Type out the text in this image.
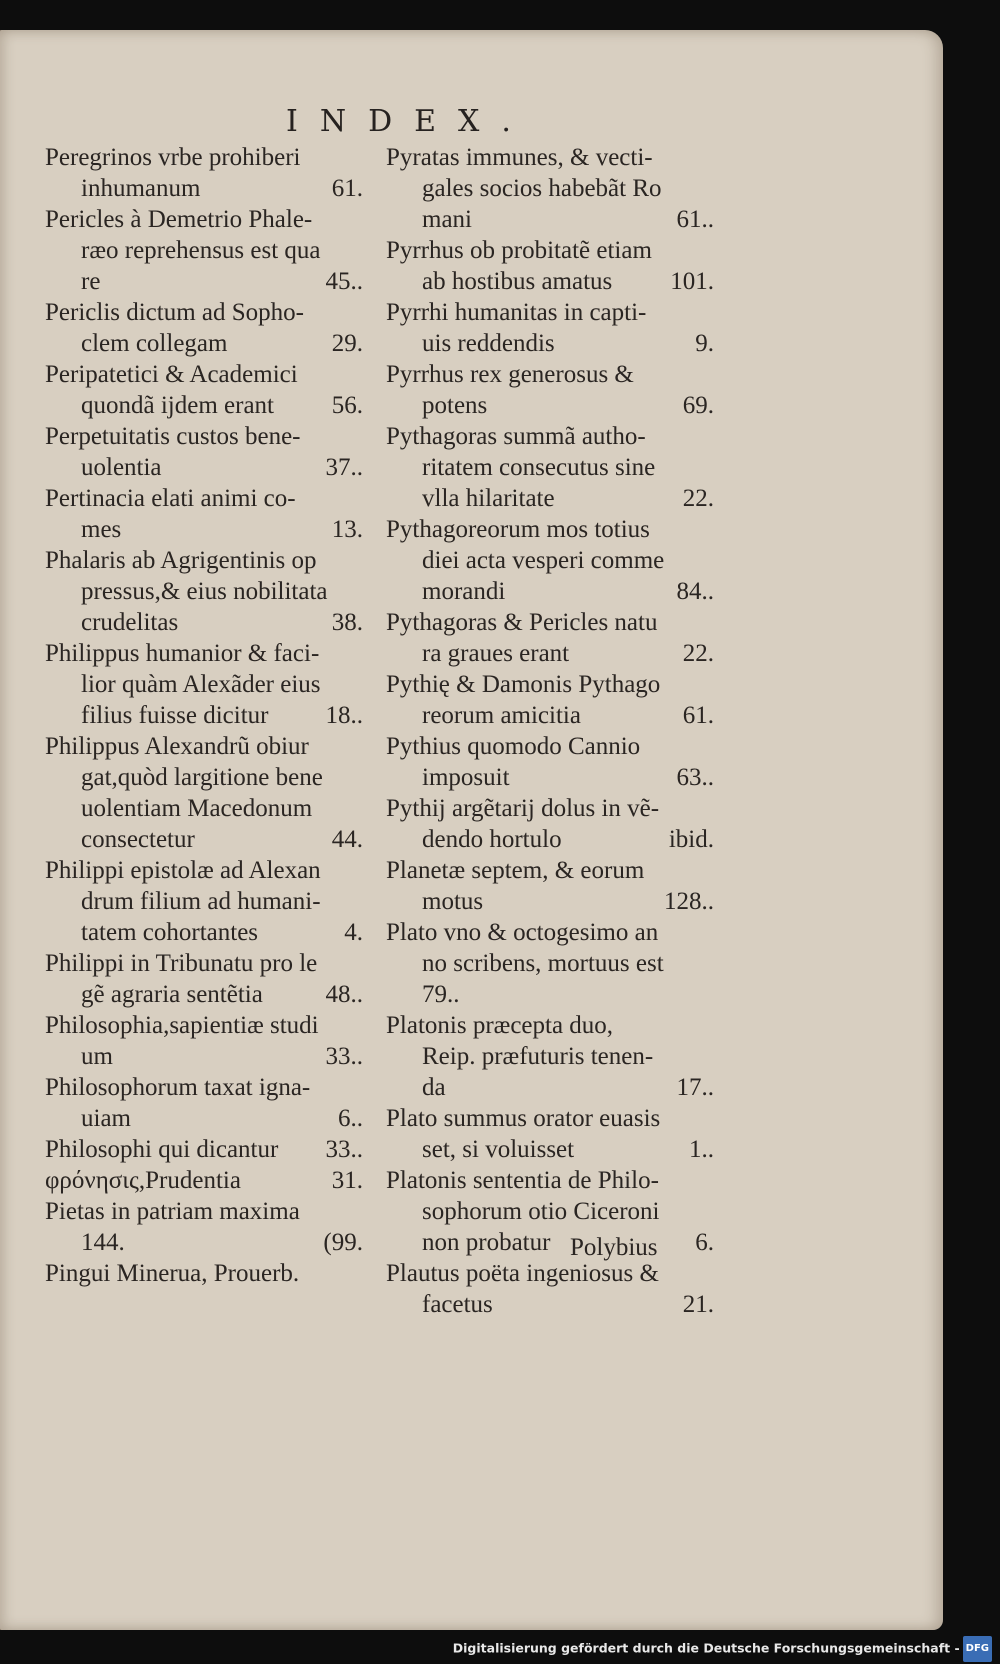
INDEX.
Peregrinos vrbe prohiberi
inhumanum	61.
Pericles à Demetrio Phale-
ræo reprehensus est qua
re	45..
Periclis dictum ad Sopho-
clem collegam	29.
Peripatetici & Academici
quondã ijdem erant 56.
Perpetuitatis custos bene-
uolentia	37..
Pertinacia elati animi co-
mes	13.
Phalaris ab Agrigentinis op
pressus,& eius nobilitata
crudelitas	38.
Philippus humanior & faci-
lior quàm Alexãder eius
filius fuisse dicitur 18..
Philippus Alexandrũ obiur
gat,quòd largitione bene
uolentiam Macedonum
consectetur	44.
Philippi epistolæ ad Alexan
drum filium ad humani-
tatem cohortantes	4.
Philippi in Tribunatu pro le
gẽ agraria sentẽtia	48..
Philosophia,sapientiæ studi
um	33..
Philosophorum taxat igna-
uiam	6..
Philosophi qui dicantur 33..
φρόνησις,Prudentia	31.
Pietas in patriam maxima
144.	(99.
Pingui Minerua, Prouerb.
Pyratas immunes, & vecti-
gales socios habebãt Ro
mani	61..
Pyrrhus ob probitatẽ etiam
ab hostibus amatus 101.
Pyrrhi humanitas in capti-
uis reddendis	9.
Pyrrhus rex generosus &
potens	69.
Pythagoras summã autho-
ritatem consecutus sine
vlla hilaritate	22.
Pythagoreorum mos totius
diei acta vesperi comme
morandi	84..
Pythagoras & Pericles natu
ra graues erant	22.
Pythię & Damonis Pythago
reorum amicitia	61.
Pythius quomodo Cannio
imposuit	63..
Pythij argẽtarij dolus in vẽ-
dendo hortulo	ibid.
Planetæ septem, & eorum
motus	128..
Plato vno & octogesimo an
no scribens, mortuus est
79..
Platonis præcepta duo,
Reip. præfuturis tenen-
da	17..
Plato summus orator euasis
set, si voluisset	1..
Platonis sententia de Philo-
sophorum otio Ciceroni
non probatur	6.
Plautus poëta ingeniosus &
facetus	21.
Polybius
Digitalisierung gefördert durch die Deutsche Forschungsgemeinschaft - DFG
